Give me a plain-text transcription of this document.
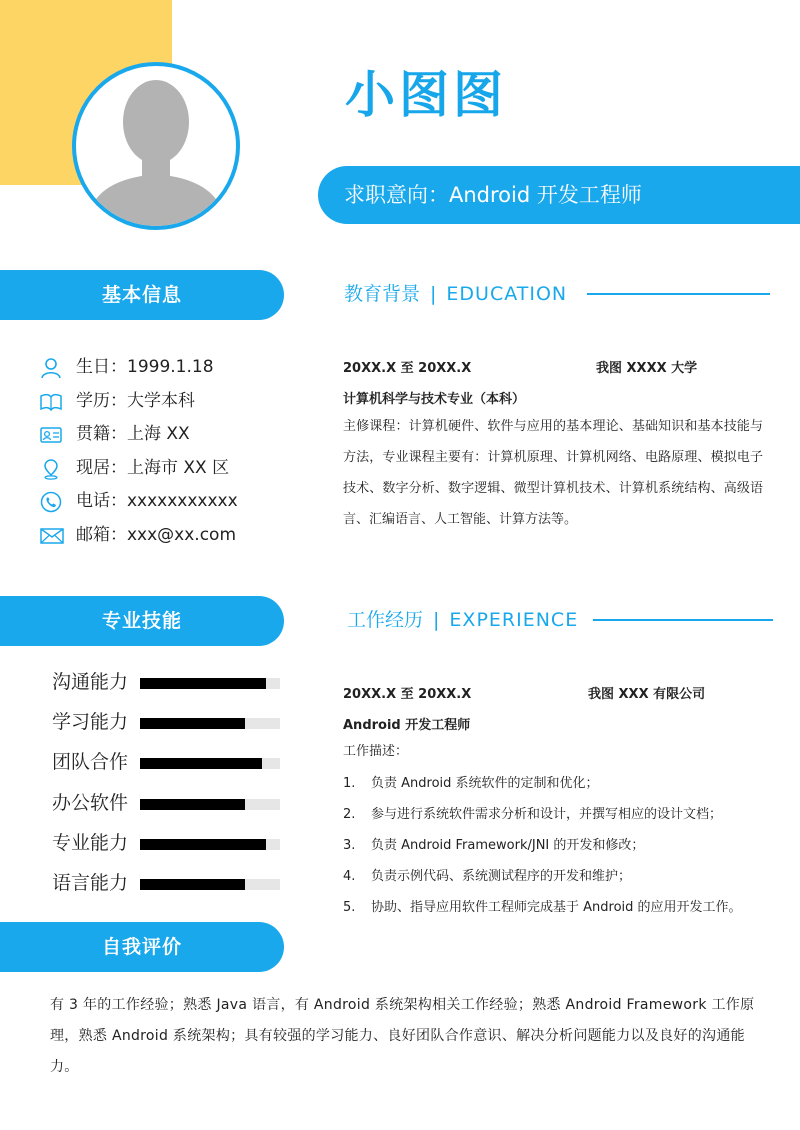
小图图
求职意向：Android 开发工程师
基本信息
生日：1999.1.18
学历：大学本科
贯籍：上海 XX
现居：上海市 XX 区
电话：xxxxxxxxxxx
邮箱：xxx@xx.com
专业技能
沟通能力
学习能力
团队合作
办公软件
专业能力
语言能力
自我评价
有 3 年的工作经验；熟悉 Java 语言，有 Android 系统架构相关工作经验；熟悉 Android Framework 工作原理，熟悉 Android 系统架构；具有较强的学习能力、良好团队合作意识、解决分析问题能力以及良好的沟通能力。
教育背景 | EDUCATION
20XX.X 至 20XX.X	我图 XXXX 大学
计算机科学与技术专业（本科）
主修课程：计算机硬件、软件与应用的基本理论、基础知识和基本技能与方法，专业课程主要有：计算机原理、计算机网络、电路原理、模拟电子技术、数字分析、数字逻辑、微型计算机技术、计算机系统结构、高级语言、汇编语言、人工智能、计算方法等。
工作经历 | EXPERIENCE
20XX.X 至 20XX.X	我图 XXX 有限公司
Android 开发工程师
工作描述：
1.	负责 Android 系统软件的定制和优化；
2.	参与进行系统软件需求分析和设计，并撰写相应的设计文档；
3.	负责 Android Framework/JNI 的开发和修改；
4.	负责示例代码、系统测试程序的开发和维护；
5.	协助、指导应用软件工程师完成基于 Android 的应用开发工作。
